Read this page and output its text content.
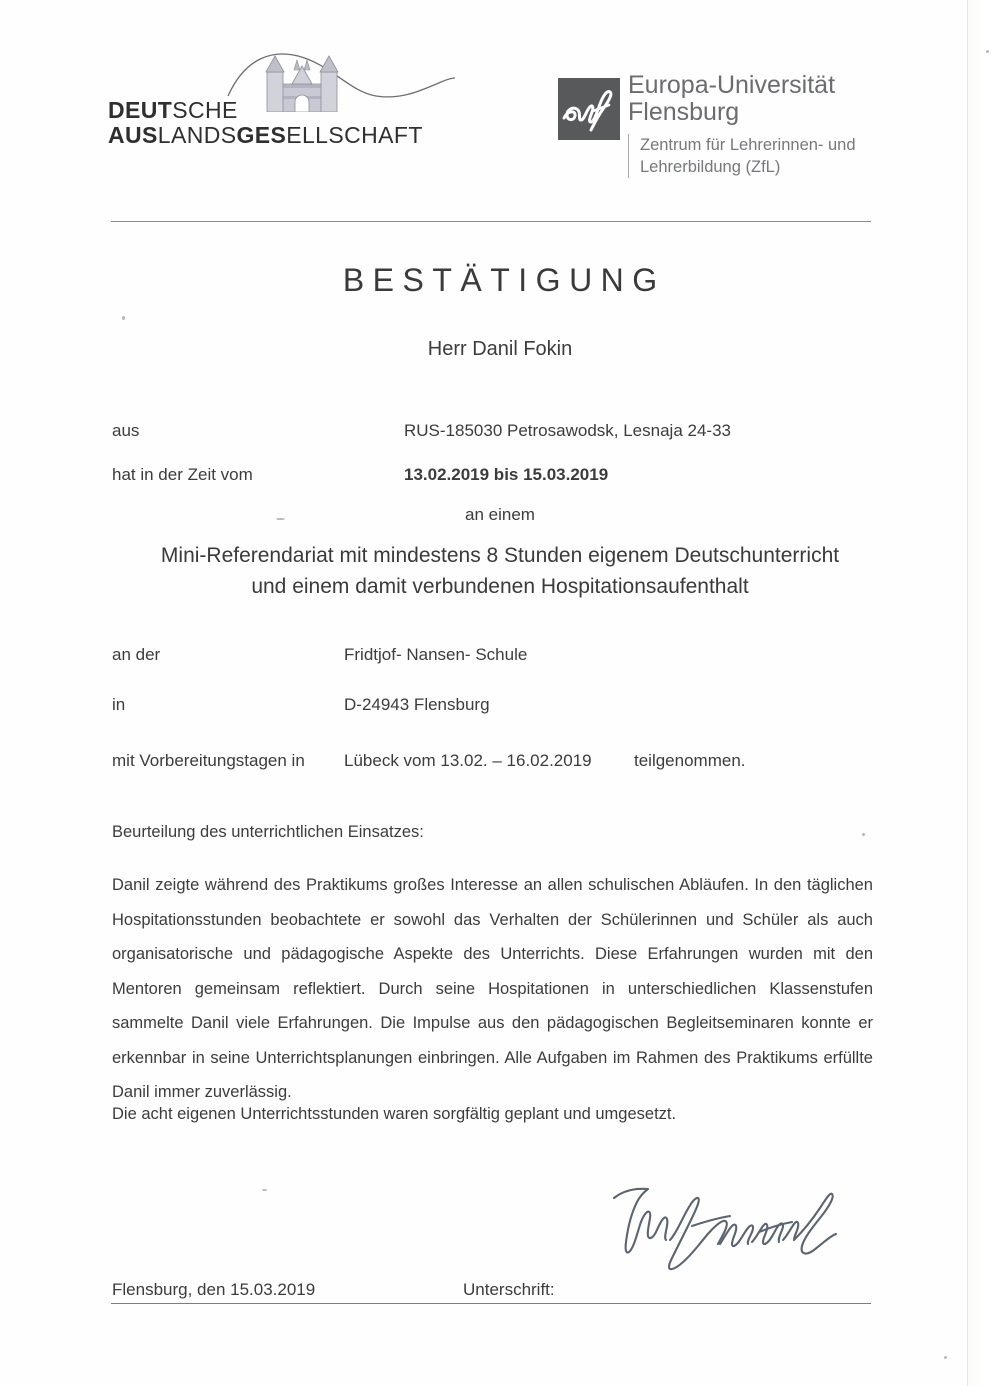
DEUTSCHE
AUSLANDSGESELLSCHAFT
Europa-Universität
Flensburg
Zentrum für Lehrerinnen- und
Lehrerbildung (ZfL)
BESTÄTIGUNG
Herr Danil Fokin
aus	RUS-185030 Petrosawodsk, Lesnaja 24-33
hat in der Zeit vom	13.02.2019 bis 15.03.2019
an einem
Mini-Referendariat mit mindestens 8 Stunden eigenem Deutschunterricht
und einem damit verbundenen Hospitationsaufenthalt
an der	Fridtjof- Nansen- Schule
in	D-24943 Flensburg
mit Vorbereitungstagen in Lübeck vom 13.02. – 16.02.2019 teilgenommen.
Beurteilung des unterrichtlichen Einsatzes:
Danil zeigte während des Praktikums großes Interesse an allen schulischen Abläufen. In den täglichen Hospitationsstunden beobachtete er sowohl das Verhalten der Schülerinnen und Schüler als auch organisatorische und pädagogische Aspekte des Unterrichts. Diese Erfahrungen wurden mit den Mentoren gemeinsam reflektiert. Durch seine Hospitationen in unterschiedlichen Klassenstufen sammelte Danil viele Erfahrungen. Die Impulse aus den pädagogischen Begleitseminaren konnte er erkennbar in seine Unterrichtsplanungen einbringen. Alle Aufgaben im Rahmen des Praktikums erfüllte Danil immer zuverlässig.
Die acht eigenen Unterrichtsstunden waren sorgfältig geplant und umgesetzt.
Flensburg, den 15.03.2019	Unterschrift:
